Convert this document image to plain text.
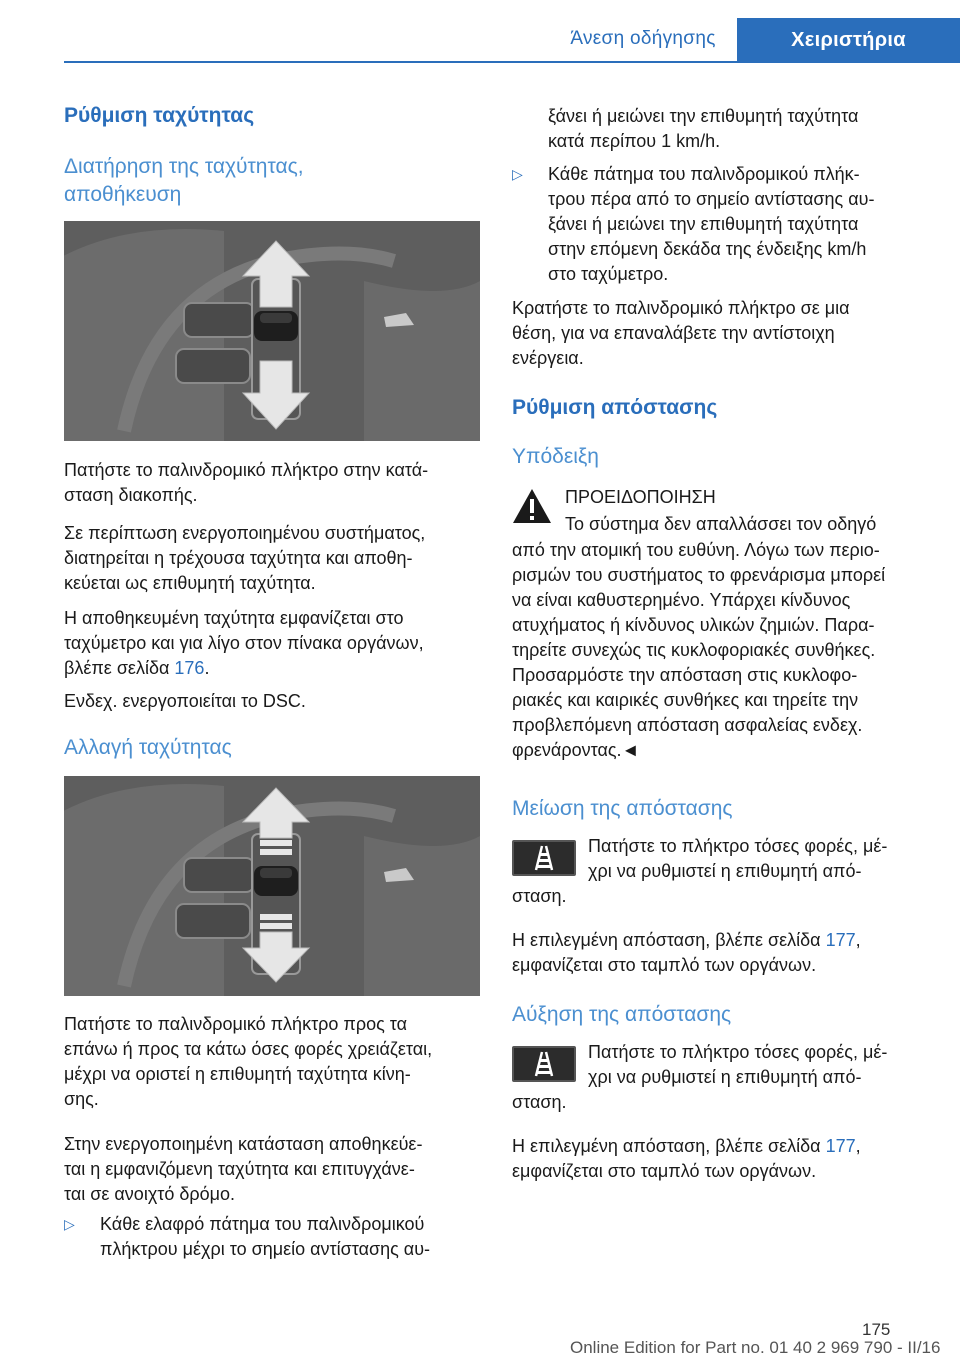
Άνεση οδήγησης	Χειριστήρια
Ρύθμιση ταχύτητας
Διατήρηση της ταχύτητας,
αποθήκευση
Πατήστε το παλινδρομικό πλήκτρο στην κατά-
σταση διακοπής.
Σε περίπτωση ενεργοποιημένου συστήματος,
διατηρείται η τρέχουσα ταχύτητα και αποθη-
κεύεται ως επιθυμητή ταχύτητα.
Η αποθηκευμένη ταχύτητα εμφανίζεται στο
ταχύμετρο και για λίγο στον πίνακα οργάνων,
βλέπε σελίδα 176.
Ενδεχ. ενεργοποιείται το DSC.
Αλλαγή ταχύτητας
Πατήστε το παλινδρομικό πλήκτρο προς τα
επάνω ή προς τα κάτω όσες φορές χρειάζεται,
μέχρι να οριστεί η επιθυμητή ταχύτητα κίνη-
σης.
Στην ενεργοποιημένη κατάσταση αποθηκεύε-
ται η εμφανιζόμενη ταχύτητα και επιτυγχάνε-
ται σε ανοιχτό δρόμο.
▷ Κάθε ελαφρό πάτημα του παλινδρομικού
πλήκτρου μέχρι το σημείο αντίστασης αυ-
ξάνει ή μειώνει την επιθυμητή ταχύτητα
κατά περίπου 1 km/h.
▷ Κάθε πάτημα του παλινδρομικού πλήκ-
τρου πέρα από το σημείο αντίστασης αυ-
ξάνει ή μειώνει την επιθυμητή ταχύτητα
στην επόμενη δεκάδα της ένδειξης km/h
στο ταχύμετρο.
Κρατήστε το παλινδρομικό πλήκτρο σε μια
θέση, για να επαναλάβετε την αντίστοιχη
ενέργεια.
Ρύθμιση απόστασης
Υπόδειξη
ΠΡΟΕΙΔΟΠΟΙΗΣΗ
Το σύστημα δεν απαλλάσσει τον οδηγό
από την ατομική του ευθύνη. Λόγω των περιο-
ρισμών του συστήματος το φρενάρισμα μπορεί
να είναι καθυστερημένο. Υπάρχει κίνδυνος
ατυχήματος ή κίνδυνος υλικών ζημιών. Παρα-
τηρείτε συνεχώς τις κυκλοφοριακές συνθήκες.
Προσαρμόστε την απόσταση στις κυκλοφο-
ριακές και καιρικές συνθήκες και τηρείτε την
προβλεπόμενη απόσταση ασφαλείας ενδεχ.
φρενάροντας.◄
Μείωση της απόστασης
Πατήστε το πλήκτρο τόσες φορές, μέ-
χρι να ρυθμιστεί η επιθυμητή από-
σταση.
Η επιλεγμένη απόσταση, βλέπε σελίδα 177,
εμφανίζεται στο ταμπλό των οργάνων.
Αύξηση της απόστασης
Πατήστε το πλήκτρο τόσες φορές, μέ-
χρι να ρυθμιστεί η επιθυμητή από-
σταση.
Η επιλεγμένη απόσταση, βλέπε σελίδα 177,
εμφανίζεται στο ταμπλό των οργάνων.
175
Online Edition for Part no. 01 40 2 969 790 - II/16
